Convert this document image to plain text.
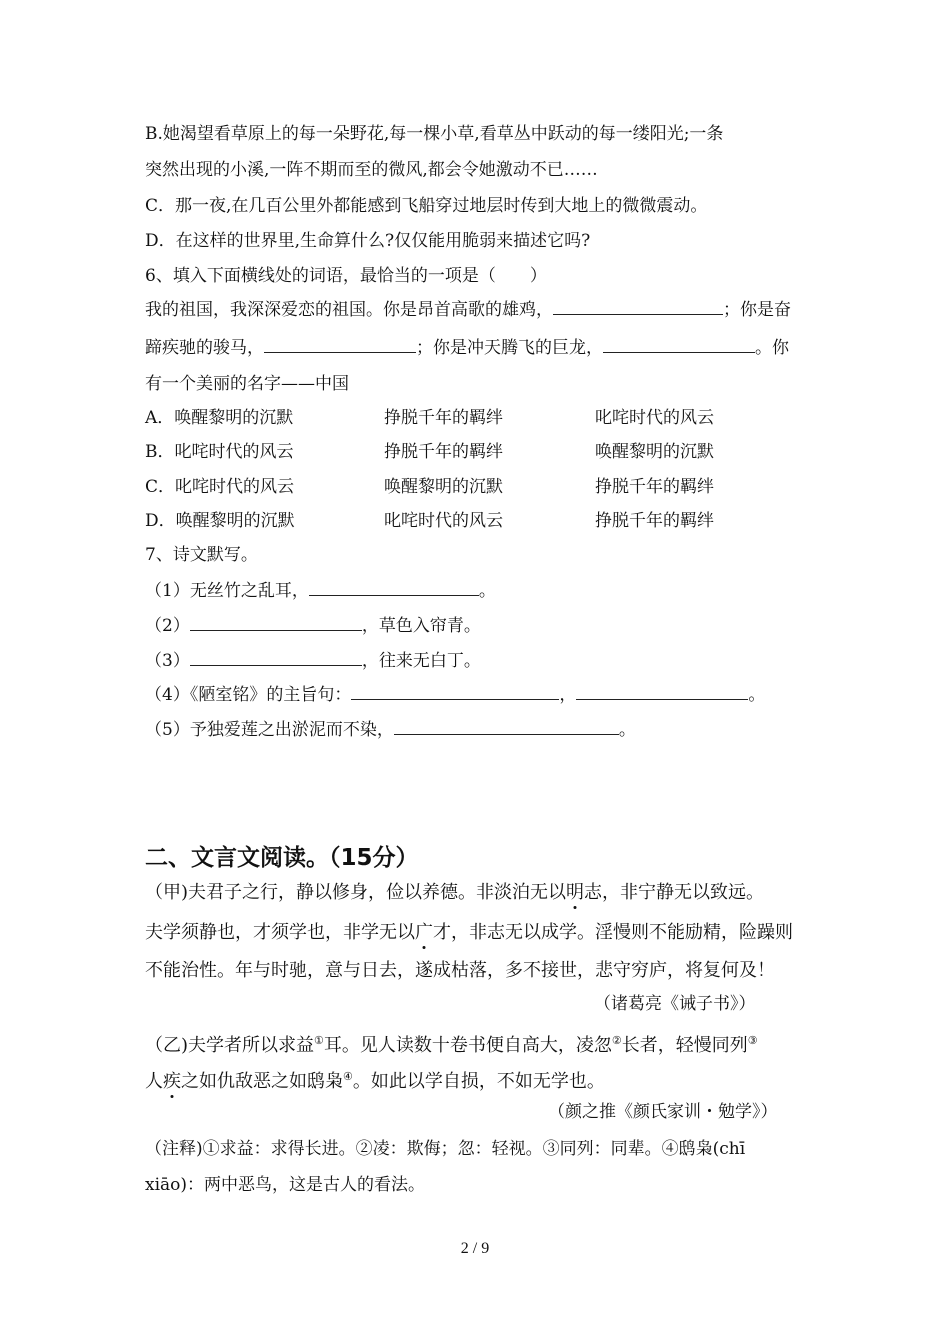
B.她渴望看草原上的每一朵野花,每一棵小草,看草丛中跃动的每一缕阳光;一条
突然出现的小溪,一阵不期而至的微风,都会令她激动不已……
C．那一夜,在几百公里外都能感到飞船穿过地层时传到大地上的微微震动。
D．在这样的世界里,生命算什么?仅仅能用脆弱来描述它吗?
6、填入下面横线处的词语，最恰当的一项是（　　）
我的祖国，我深深爱恋的祖国。你是昂首高歌的雄鸡，	；你是奋
蹄疾驰的骏马，	；你是冲天腾飞的巨龙，	。你
有一个美丽的名字——中国
A．唤醒黎明的沉默	挣脱千年的羁绊	叱咤时代的风云
B．叱咤时代的风云	挣脱千年的羁绊	唤醒黎明的沉默
C．叱咤时代的风云	唤醒黎明的沉默	挣脱千年的羁绊
D．唤醒黎明的沉默	叱咤时代的风云	挣脱千年的羁绊
7、诗文默写。
（1）无丝竹之乱耳，	。
（2）	，草色入帘青。
（3）	，往来无白丁。
（4）《陋室铭》的主旨句：	，	。
（5）予独爱莲之出淤泥而不染，	。
二、文言文阅读。（15分）
（甲)夫君子之行，静以修身，俭以养德。非淡泊无以明志，非宁静无以致远。
夫学须静也，才须学也，非学无以广才，非志无以成学。淫慢则不能励精，险躁则
不能治性。年与时驰，意与日去，遂成枯落，多不接世，悲守穷庐，将复何及！
（诸葛亮《诫子书》）
（乙)夫学者所以求益①耳。见人读数十卷书便自高大，凌忽②长者，轻慢同列③
人疾之如仇敌恶之如鸱枭④。如此以学自损，不如无学也。
（颜之推《颜氏家训・勉学》）
（注释)①求益：求得长进。②凌：欺侮；忽：轻视。③同列：同辈。④鸱枭(chī
xiāo)：两中恶鸟，这是古人的看法。
2 / 9
